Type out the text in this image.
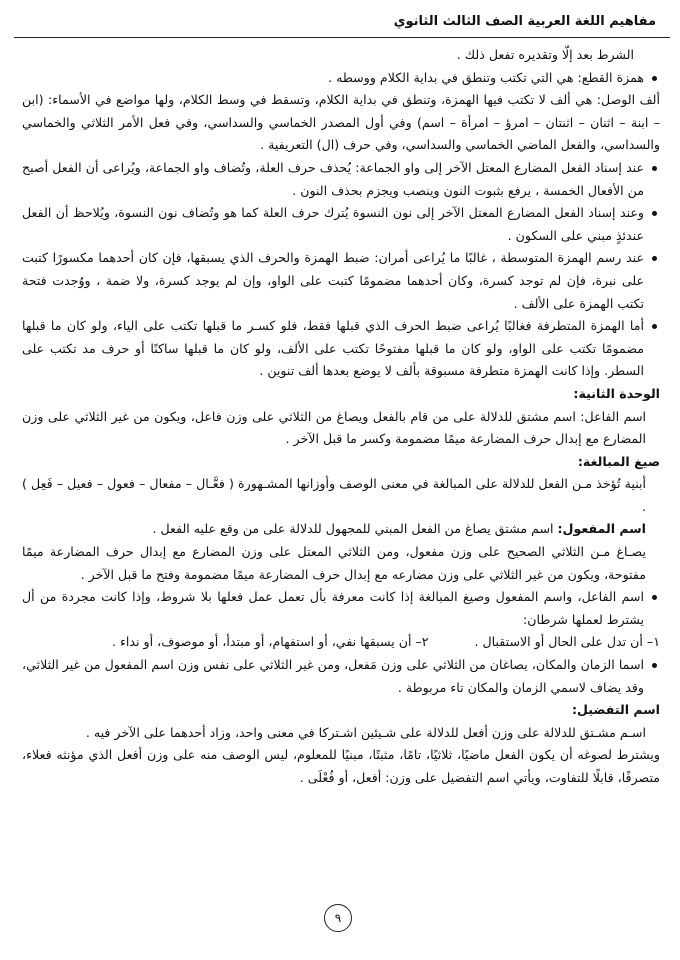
مفاهيم اللغة العربية الصف الثالث الثانوي

الشرط بعد إلّا وتقديره تفعل ذلك .

همزة القطع: هي التي تكتب وتنطق في بداية الكلام ووسطه .

ألف الوصل: هي ألف لا تكتب فيها الهمزة، وتنطق في بداية الكلام، وتسقط في وسط الكلام، ولها مواضع في الأسماء: (ابن – ابنة – اثنان – اثنتان – امرؤ – امرأة – اسم) وفي أول المصدر الخماسي والسداسي، وفي فعل الأمر الثلاثي والخماسي والسداسي، والفعل الماضي الخماسي والسداسي، وفي حرف (ال) التعريفية .

عند إسناد الفعل المضارع المعتل الآخر إلى واو الجماعة: يُحذف حرف العلة، وتُضاف واو الجماعة، ويُراعى أن الفعل أصبح من الأفعال الخمسة ، يرفع بثبوت النون وينصب ويجزم بحذف النون .

وعند إسناد الفعل المضارع المعتل الآخر إلى نون النسوة يُترك حرف العلة كما هو وتُضاف نون النسوة، ويُلاحظ أن الفعل عندئذٍ مبني على السكون .

عند رسم الهمزة المتوسطة ، غالبًا ما يُراعى أمران: ضبط الهمزة والحرف الذي يسبقها، فإن كان أحدهما مكسورًا كتبت على نبرة، فإن لم توجد كسرة، وكان أحدهما مضمومًا كتبت على الواو، وإن لم يوجد كسرة، ولا ضمة ، ووُجدت فتحة تكتب الهمزة على الألف .

أما الهمزة المتطرفة فغالبًا يُراعى ضبط الحرف الذي قبلها فقط، فلو كسـر ما قبلها تكتب على الياء، ولو كان ما قبلها مضمومًا تكتب على الواو، ولو كان ما قبلها مفتوحًا تكتب على الألف، ولو كان ما قبلها ساكنًا أو حرف مد تكتب على السطر. وإذا كانت الهمزة متطرفة مسبوقة بألف لا يوضع بعدها ألف تنوين .

الوحدة الثانية:

اسم الفاعل: اسم مشتق للدلالة على من قام بالفعل ويصاغ من الثلاثي على وزن فاعل، ويكون من غير الثلاثي على وزن المضارع مع إبدال حرف المضارعة ميمًا مضمومة وكسر ما قبل الآخر .

صيغ المبالغة:

أبنية تُؤخذ مـن الفعل للدلالة على المبالغة في معنى الوصف وأوزانها المشـهورة ( فعَّـال – مفعال – فعول – فعيل – فَعِل ) .

اسم المفعول: اسم مشتق يصاغ من الفعل المبني للمجهول للدلالة على من وقع عليه الفعل .

يصـاغ مـن الثلاثي الصحيح على وزن مفعول، ومن الثلاثي المعتل على وزن المضارع مع إبدال حرف المضارعة ميمًا مفتوحة، ويكون من غير الثلاثي على وزن مضارعه مع إبدال حرف المضارعة ميمًا مضمومة وفتح ما قبل الآخر .

اسم الفاعل، واسم المفعول وصيغ المبالغة إذا كانت معرفة بأل تعمل عمل فعلها بلا شروط، وإذا كانت مجردة من أل يشترط لعملها شرطان:

١– أن تدل على الحال أو الاستقبال .
٢– أن يسبقها نفي، أو استفهام، أو مبتدأ، أو موصوف، أو نداء .

اسما الزمان والمكان، يصاغان من الثلاثي على وزن مَفعل، ومن غير الثلاثي على نفس وزن اسم المفعول من غير الثلاثي، وقد يضاف لاسمي الزمان والمكان تاء مربوطة .

اسم التفضيل:

اسـم مشـتق للدلالة على وزن أفعل للدلالة على شـيئين اشـتركا في معنى واحد، وزاد أحدهما على الآخر فيه .

ويشترط لصوغه أن يكون الفعل ماضيًا، ثلاثيًا، تامًا، مثبتًا، مبنيًا للمعلوم، ليس الوصف منه على وزن أفعل الذي مؤنثه فعلاء، متصرفًا، قابلًا للتفاوت، ويأتي اسم التفضيل على وزن: أفعل، أو فُعْلَى .

٩
